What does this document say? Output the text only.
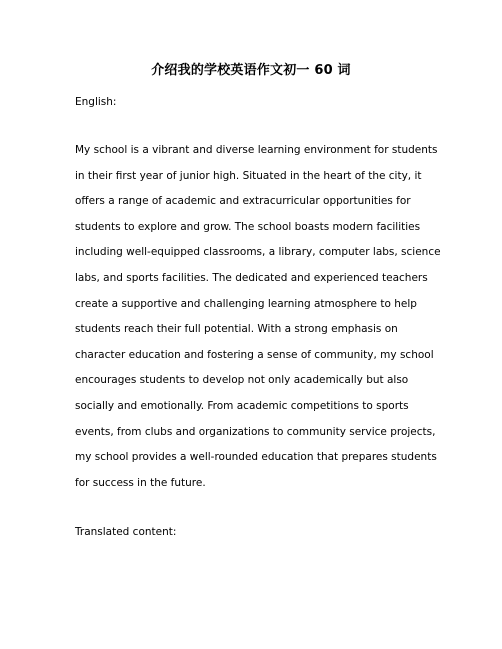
介绍我的学校英语作文初一 60 词
English:

My school is a vibrant and diverse learning environment for students in their first year of junior high. Situated in the heart of the city, it offers a range of academic and extracurricular opportunities for students to explore and grow. The school boasts modern facilities including well-equipped classrooms, a library, computer labs, science labs, and sports facilities. The dedicated and experienced teachers create a supportive and challenging learning atmosphere to help students reach their full potential. With a strong emphasis on character education and fostering a sense of community, my school encourages students to develop not only academically but also socially and emotionally. From academic competitions to sports events, from clubs and organizations to community service projects, my school provides a well-rounded education that prepares students for success in the future.

Translated content:
